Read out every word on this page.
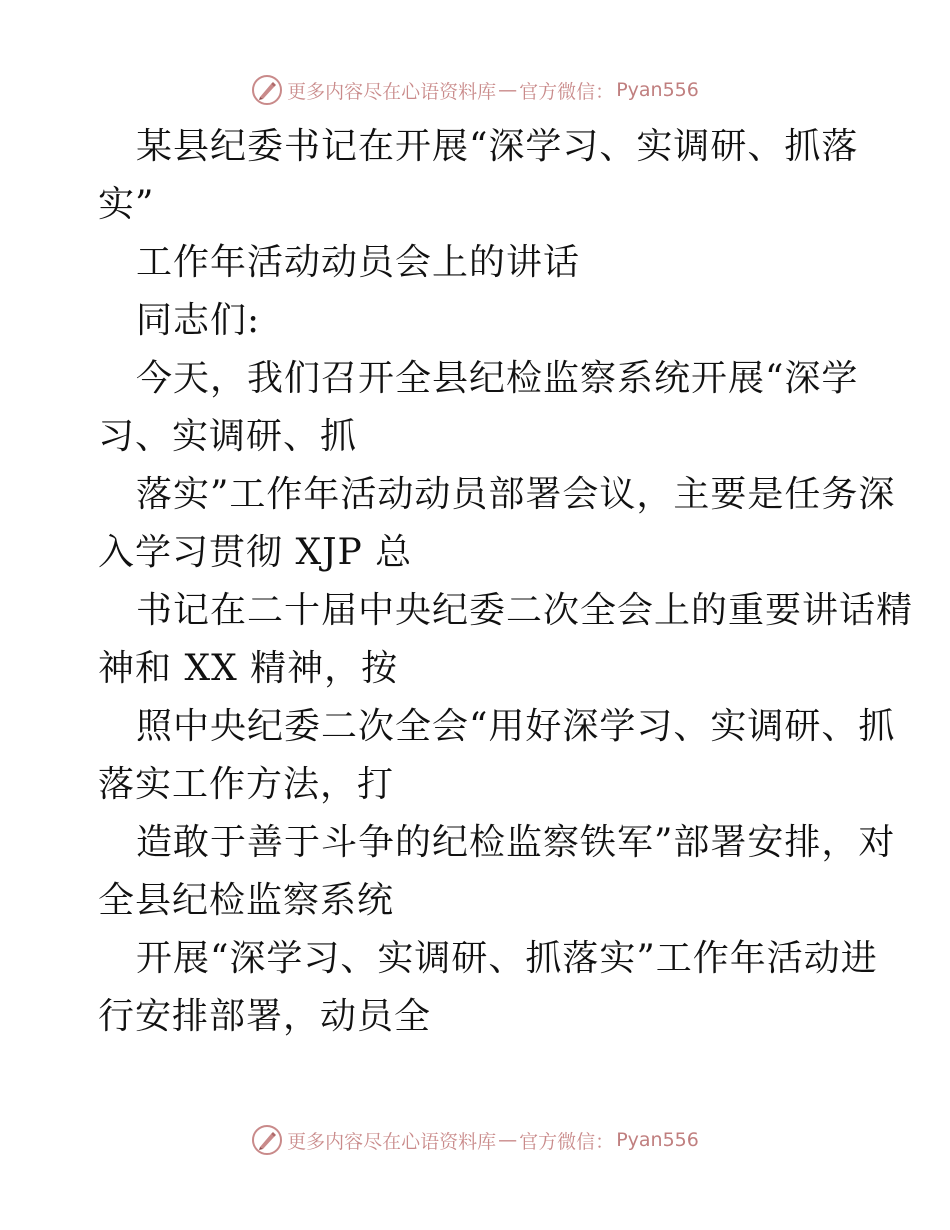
更多内容尽在心语资料库 — 官方微信： Pyan556
某县纪委书记在开展“深学习、实调研、抓落
实”
工作年活动动员会上的讲话
同志们:
今天，我们召开全县纪检监察系统开展“深学
习、实调研、抓
落实”工作年活动动员部署会议，主要是任务深
入学习贯彻 XJP 总
书记在二十届中央纪委二次全会上的重要讲话精
神和 XX 精神，按
照中央纪委二次全会“用好深学习、实调研、抓
落实工作方法，打
造敢于善于斗争的纪检监察铁军”部署安排，对
全县纪检监察系统
开展“深学习、实调研、抓落实”工作年活动进
行安排部署，动员全
更多内容尽在心语资料库 — 官方微信： Pyan556
